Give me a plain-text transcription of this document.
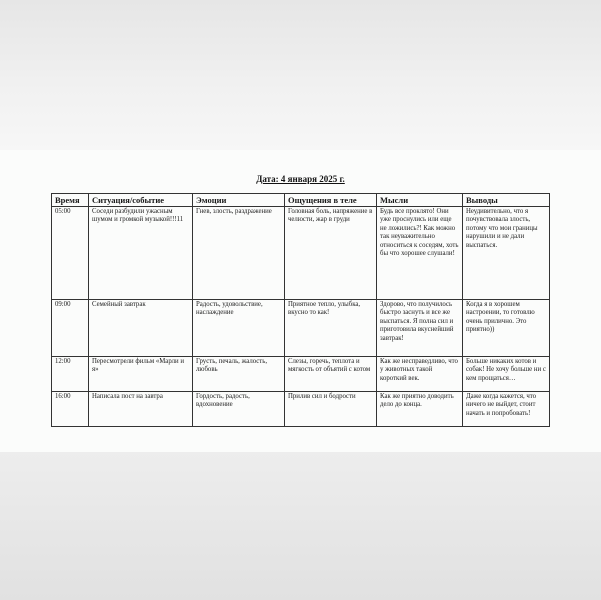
Дата: 4 января 2025 г.
Время	Ситуация/событие	Эмоции	Ощущения в теле	Мысли	Выводы
05:00	Соседи разбудили ужасным шумом и громкой музыкой!!!11	Гнев, злость, раздражение	Головная боль, напряжение в челюсти, жар в груди	Будь все проклято! Они уже проснулись или еще не ложились?! Как можно так неуважительно относиться к соседям, хоть бы что хорошее слушали!	Неудивительно, что я почувствовала злость, потому что мои границы нарушили и не дали выспаться.
09:00	Семейный завтрак	Радость, удовольствие, наслаждение	Приятное тепло, улыбка, вкусно то как!	Здорово, что получилось быстро заснуть и все же выспаться. Я полна сил и приготовила вкуснейший завтрак!	Когда я в хорошем настроении, то готовлю очень прилично. Это приятно))
12:00	Пересмотрели фильм «Марли и я»	Грусть, печаль, жалость, любовь	Слезы, горечь, теплота и мягкость от объятий с котом	Как же несправедливо, что у животных такой короткий век.	Больше никаких котов и собак! Не хочу больше ни с кем прощаться…
16:00	Написала пост на завтра	Гордость, радость, вдохновение	Прилив сил и бодрости	Как же приятно доводить дело до конца.	Даже когда кажется, что ничего не выйдет, стоит начать и попробовать!
